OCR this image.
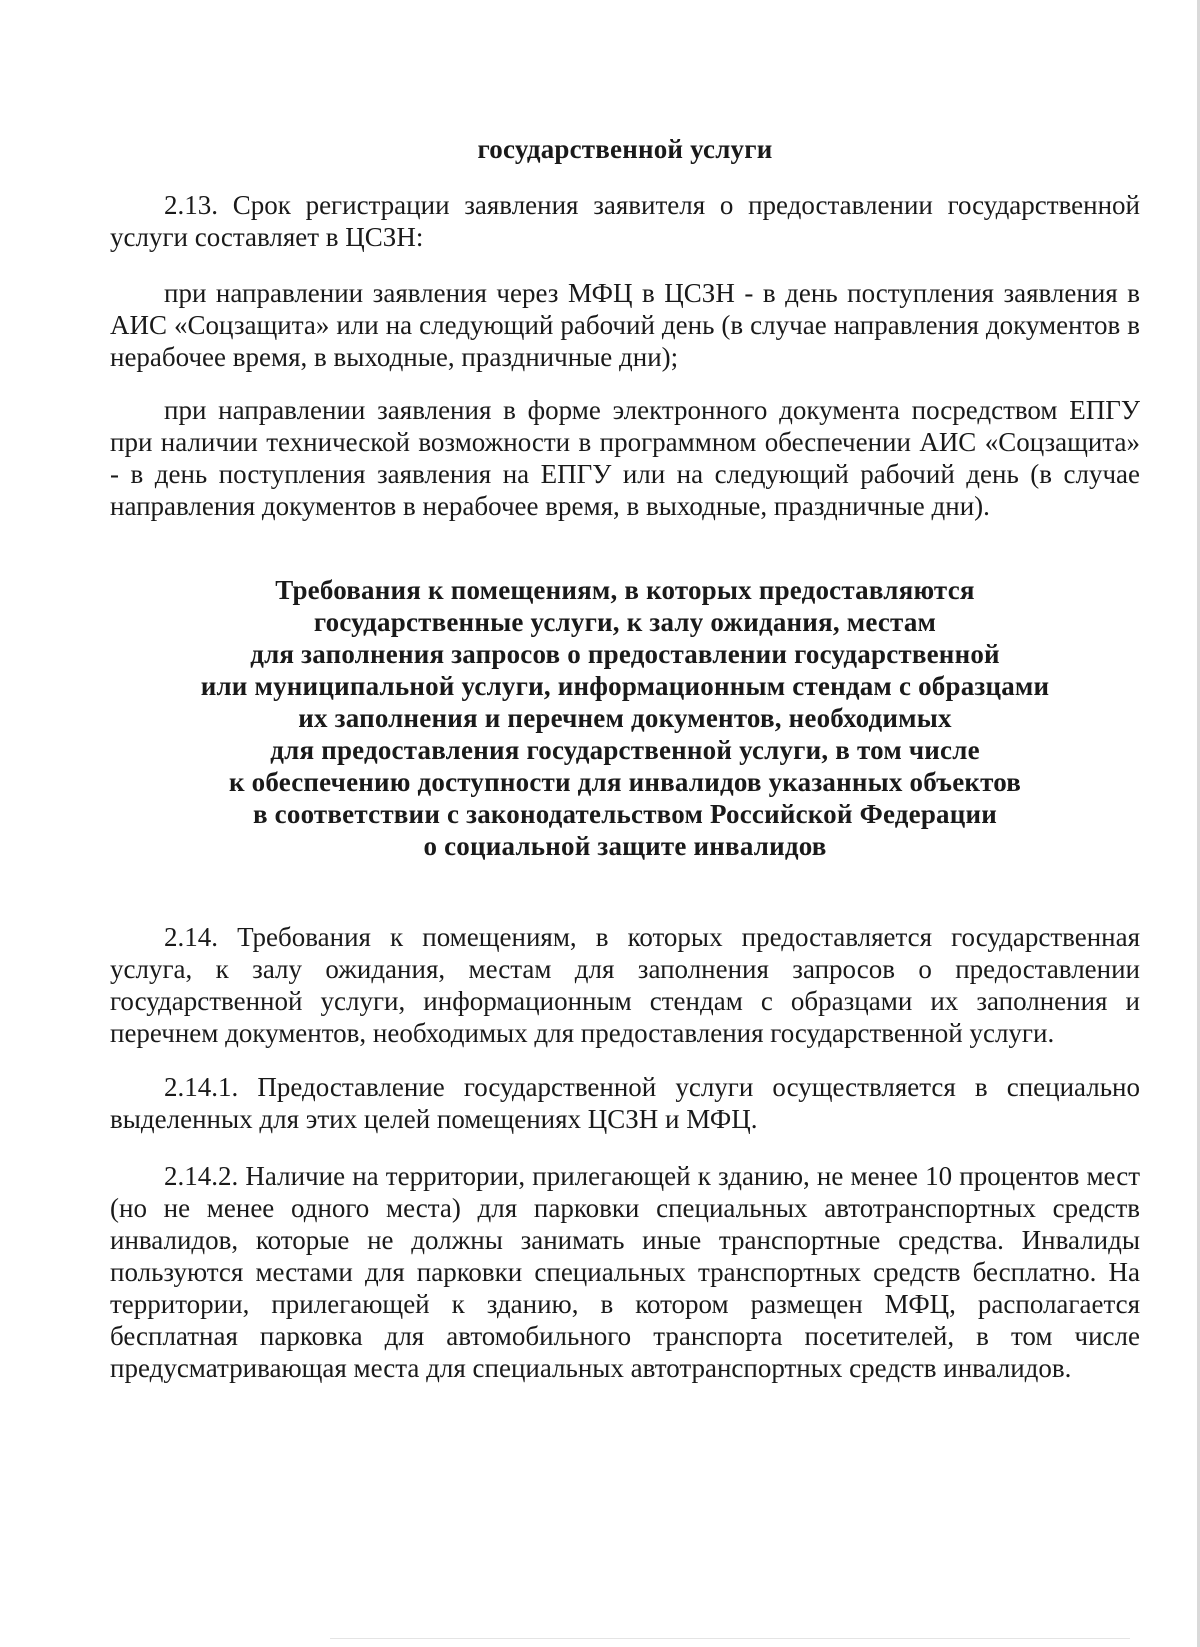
государственной услуги

2.13. Срок регистрации заявления заявителя о предоставлении государственной услуги составляет в ЦСЗН:

при направлении заявления через МФЦ в ЦСЗН - в день поступления заявления в АИС «Соцзащита» или на следующий рабочий день (в случае направления документов в нерабочее время, в выходные, праздничные дни);

при направлении заявления в форме электронного документа посредством ЕПГУ при наличии технической возможности в программном обеспечении АИС «Соцзащита» - в день поступления заявления на ЕПГУ или на следующий рабочий день (в случае направления документов в нерабочее время, в выходные, праздничные дни).

Требования к помещениям, в которых предоставляются
государственные услуги, к залу ожидания, местам
для заполнения запросов о предоставлении государственной
или муниципальной услуги, информационным стендам с образцами
их заполнения и перечнем документов, необходимых
для предоставления государственной услуги, в том числе
к обеспечению доступности для инвалидов указанных объектов
в соответствии с законодательством Российской Федерации
о социальной защите инвалидов

2.14. Требования к помещениям, в которых предоставляется государственная услуга, к залу ожидания, местам для заполнения запросов о предоставлении государственной услуги, информационным стендам с образцами их заполнения и перечнем документов, необходимых для предоставления государственной услуги.

2.14.1. Предоставление государственной услуги осуществляется в специально выделенных для этих целей помещениях ЦСЗН и МФЦ.

2.14.2. Наличие на территории, прилегающей к зданию, не менее 10 процентов мест (но не менее одного места) для парковки специальных автотранспортных средств инвалидов, которые не должны занимать иные транспортные средства. Инвалиды пользуются местами для парковки специальных транспортных средств бесплатно. На территории, прилегающей к зданию, в котором размещен МФЦ, располагается бесплатная парковка для автомобильного транспорта посетителей, в том числе предусматривающая места для специальных автотранспортных средств инвалидов.
